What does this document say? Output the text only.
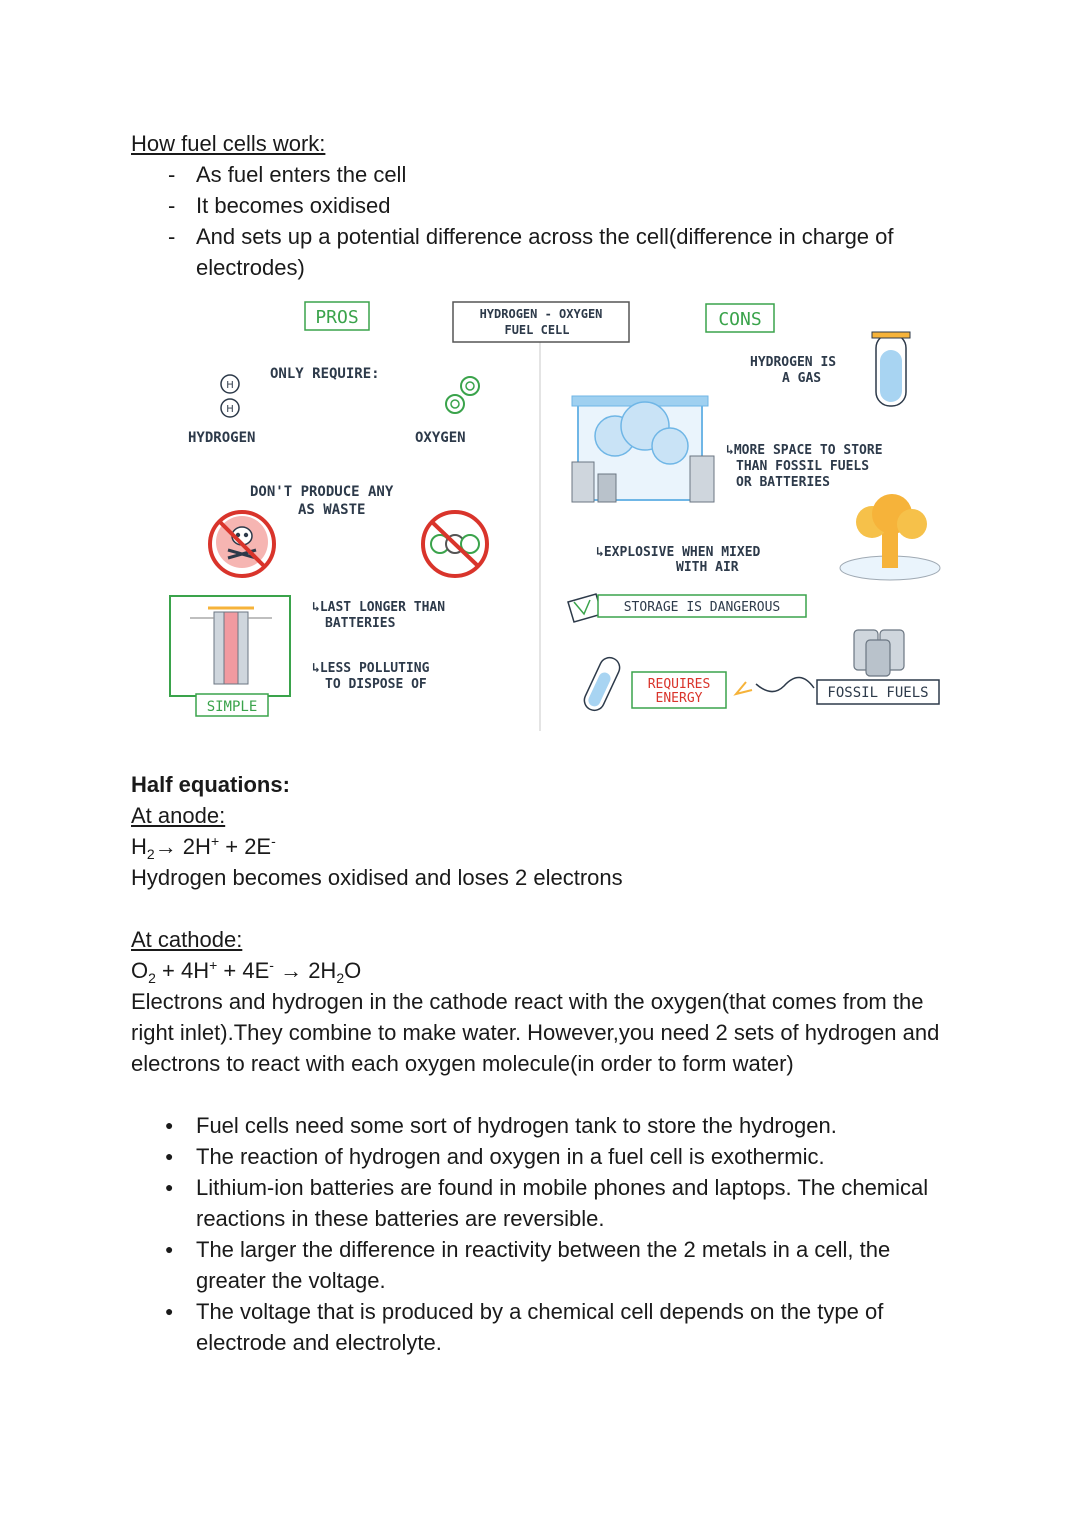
How fuel cells work:
- As fuel enters the cell
- It becomes oxidised
- And sets up a potential difference across the cell(difference in charge of electrodes)
HYDROGEN - OXYGEN
FUEL CELL
PROS	CONS
ONLY REQUIRE:
H
H
HYDROGEN	OXYGEN
DON'T PRODUCE ANY
AS WASTE
SIMPLE
↳LAST LONGER THAN
BATTERIES
↳LESS POLLUTING
TO DISPOSE OF
HYDROGEN IS
A GAS
↳MORE SPACE TO STORE
THAN FOSSIL FUELS
OR BATTERIES
↳EXPLOSIVE WHEN MIXED
WITH AIR
STORAGE IS DANGEROUS
FOSSIL FUELS
REQUIRES
ENERGY
Half equations:
At anode:
$H_2\to 2H^+ + 2E^-$
Hydrogen becomes oxidised and loses 2 electrons
At cathode:
$O_2 + 4H^+ + 4E^- \to 2H_2O$
Electrons and hydrogen in the cathode react with the oxygen(that comes from the right inlet).They combine to make water. However,you need 2 sets of hydrogen and electrons to react with each oxygen molecule(in order to form water)
● Fuel cells need some sort of hydrogen tank to store the hydrogen.
● The reaction of hydrogen and oxygen in a fuel cell is exothermic.
● Lithium-ion batteries are found in mobile phones and laptops. The chemical reactions in these batteries are reversible.
● The larger the difference in reactivity between the 2 metals in a cell, the greater the voltage.
● The voltage that is produced by a chemical cell depends on the type of electrode and electrolyte.
